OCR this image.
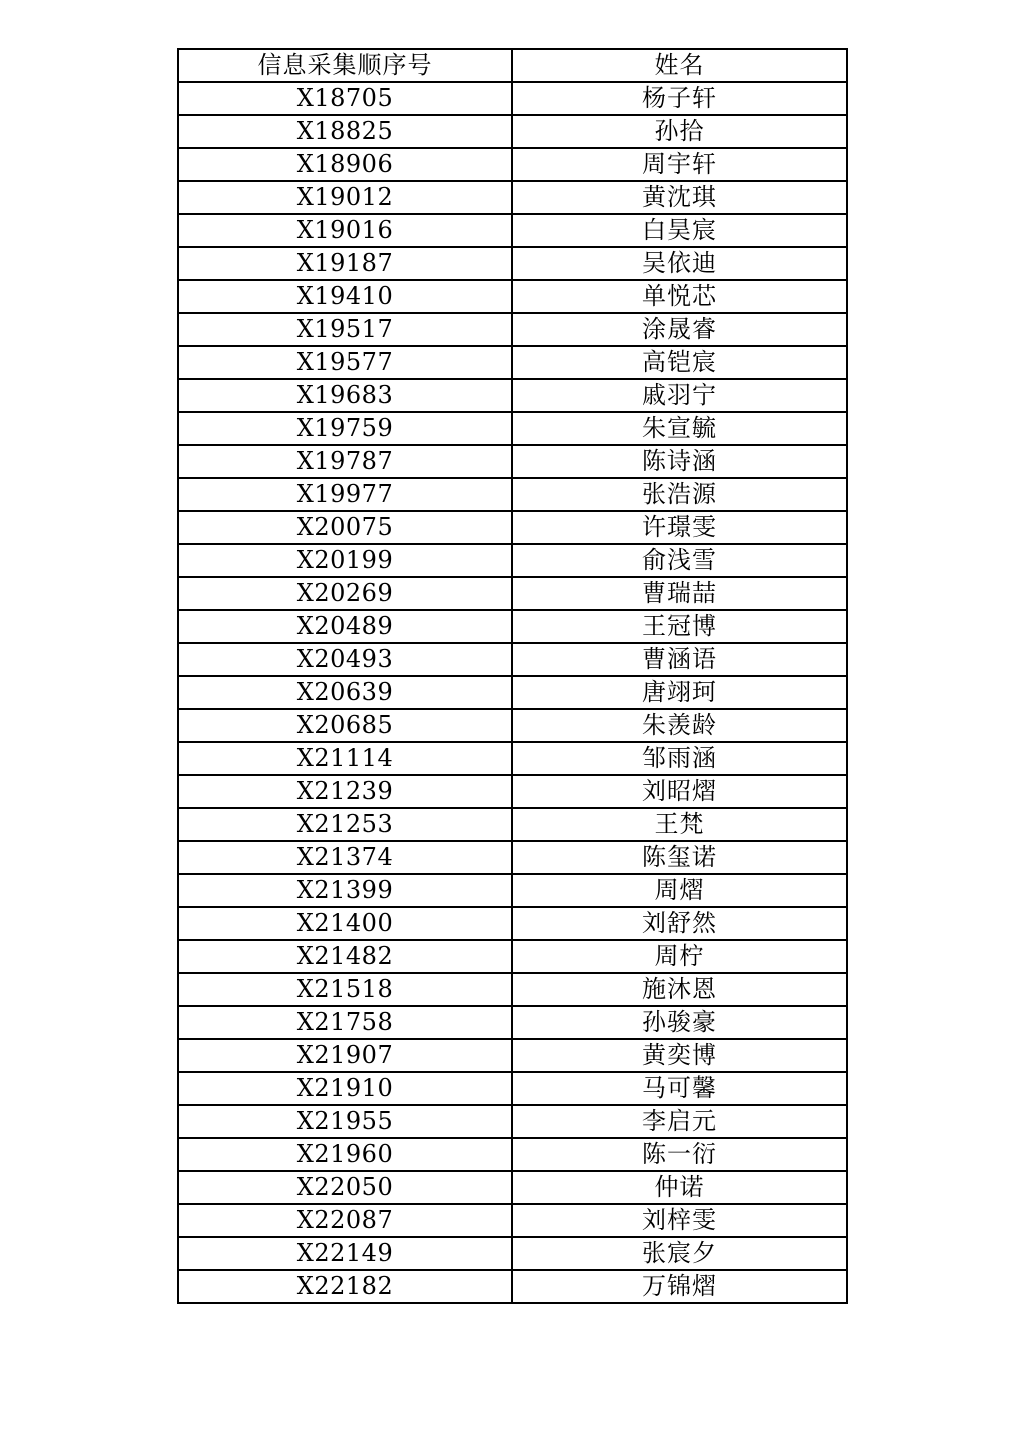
信息采集顺序号	姓名
X18705	杨子轩
X18825	孙拾
X18906	周宇轩
X19012	黄沈琪
X19016	白昊宸
X19187	吴依迪
X19410	单悦芯
X19517	涂晟睿
X19577	高铠宸
X19683	戚羽宁
X19759	朱宣毓
X19787	陈诗涵
X19977	张浩源
X20075	许璟雯
X20199	俞浅雪
X20269	曹瑞喆
X20489	王冠博
X20493	曹涵语
X20639	唐翊珂
X20685	朱羡龄
X21114	邹雨涵
X21239	刘昭熠
X21253	王梵
X21374	陈玺诺
X21399	周熠
X21400	刘舒然
X21482	周柠
X21518	施沐恩
X21758	孙骏豪
X21907	黄奕博
X21910	马可馨
X21955	李启元
X21960	陈一衍
X22050	仲诺
X22087	刘梓雯
X22149	张宸夕
X22182	万锦熠
